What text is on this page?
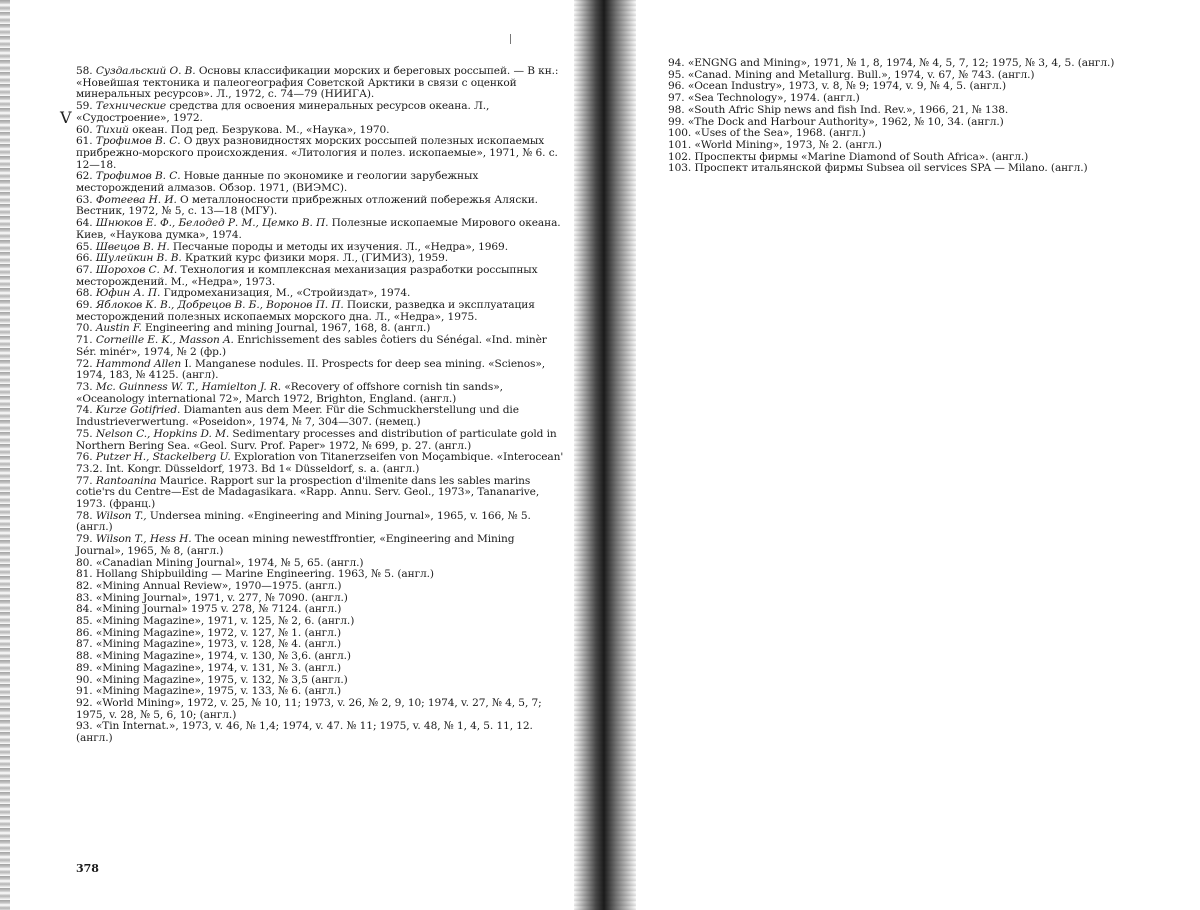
V

58. Суздальский О. В. Основы классификации морских и береговых россыпей. — В кн.: «Новейшая тектоника и палеогеография Советской Арктики в связи с оценкой минеральных ресурсов». Л., 1972, с. 74—79 (НИИГА).

59. Технические средства для освоения минеральных ресурсов океана. Л., «Судостроение», 1972.

60. Тихий океан. Под ред. Безрукова. М., «Наука», 1970.

61. Трофимов В. С. О двух разновидностях морских россыпей полезных ископаемых прибрежно-морского происхождения. «Литология и полез. ископаемые», 1971, № 6. с. 12—18.

62. Трофимов В. С. Новые данные по экономике и геологии зарубежных месторождений алмазов. Обзор. 1971, (ВИЭМС).

63. Фотеева Н. И. О металлоносности прибрежных отложений побережья Аляски. Вестник, 1972, № 5, с. 13—18 (МГУ).

64. Шнюков Е. Ф., Белодед Р. М., Цемко В. П. Полезные ископаемые Мирового океана. Киев, «Наукова думка», 1974.

65. Швецов В. Н. Песчаные породы и методы их изучения. Л., «Недра», 1969.

66. Шулейкин В. В. Краткий курс физики моря. Л., (ГИМИЗ), 1959.

67. Шорохов С. М. Технология и комплексная механизация разработки россыпных месторождений. М., «Недра», 1973.

68. Юфин А. П. Гидромеханизация, М., «Стройиздат», 1974.

69. Яблоков К. В., Добрецов В. Б., Воронов П. П. Поиски, разведка и эксплуатация месторождений полезных ископаемых морского дна. Л., «Недра», 1975.

70. Austin F. Engineering and mining Journal, 1967, 168, 8. (англ.)

71. Corneille E. K., Masson A. Enrichissement des sables ĉotiers du Sénégal. «Ind. minèr Sér. minér», 1974, № 2 (фр.)

72. Hammond Allen I. Manganese nodules. II. Prospects for deep sea mining. «Scienos», 1974, 183, № 4125. (англ).

73. Mc. Guinness W. T., Hamielton J. R. «Recovery of offshore cornish tin sands», «Oceanology international 72», March 1972, Brighton, England. (англ.)

74. Kurze Gotifried. Diamanten aus dem Meer. Für die Schmuckherstellung und die Industrieverwertung. «Poseidon», 1974, № 7, 304—307. (немец.)

75. Nelson C., Hopkins D. M. Sedimentary processes and distribution of particulate gold in Northern Bering Sea. «Geol. Surv. Prof. Paper» 1972, № 699, p. 27. (англ.)

76. Putzer H., Stackelberg U. Exploration von Titanerzseifen von Moçambique. «Interocean' 73.2. Int. Kongr. Düsseldorf, 1973. Bd 1« Düsseldorf, s. a. (англ.)

77. Rantoanina Maurice. Rapport sur la prospection d'ilmenite dans les sables marins cotie'rs du Centre—Est de Madagasikara. «Rapp. Annu. Serv. Geol., 1973», Tananarive, 1973. (франц.)

78. Wilson T., Undersea mining. «Engineering and Mining Journal», 1965, v. 166, № 5. (англ.)

79. Wilson T., Hess H. The ocean mining newestffrontier, «Engineering and Mining Journal», 1965, № 8, (англ.)

80. «Canadian Mining Journal», 1974, № 5, 65. (англ.)

81. Hollang Shipbuilding — Marine Engineering. 1963, № 5. (англ.)

82. «Mining Annual Review», 1970—1975. (англ.)

83. «Mining Journal», 1971, v. 277, № 7090. (англ.)

84. «Mining Journal» 1975 v. 278, № 7124. (англ.)

85. «Mining Magazine», 1971, v. 125, № 2, 6. (англ.)

86. «Mining Magazine», 1972, v. 127, № 1. (англ.)

87. «Mining Magazine», 1973, v. 128, № 4. (англ.)

88. «Mining Magazine», 1974, v. 130, № 3,6. (англ.)

89. «Mining Magazine», 1974, v. 131, № 3. (англ.)

90. «Mining Magazine», 1975, v. 132, № 3,5 (англ.)

91. «Mining Magazine», 1975, v. 133, № 6. (англ.)

92. «World Mining», 1972, v. 25, № 10, 11; 1973, v. 26, № 2, 9, 10; 1974, v. 27, № 4, 5, 7; 1975, v. 28, № 5, 6, 10; (англ.)

93. «Tin Internat.», 1973, v. 46, № 1,4; 1974, v. 47. № 11; 1975, v. 48, № 1, 4, 5. 11, 12. (англ.)

94. «ENGNG and Mining», 1971, № 1, 8, 1974, № 4, 5, 7, 12; 1975, № 3, 4, 5. (англ.)

95. «Canad. Mining and Metallurg. Bull.», 1974, v. 67, № 743. (англ.)

96. «Ocean Industry», 1973, v. 8, № 9; 1974, v. 9, № 4, 5. (англ.)

97. «Sea Technology», 1974. (англ.)

98. «South Afric Ship news and fish Ind. Rev.», 1966, 21, № 138.

99. «The Dock and Harbour Authority», 1962, № 10, 34. (англ.)

100. «Uses of the Sea», 1968. (англ.)

101. «World Mining», 1973, № 2. (англ.)

102. Проспекты фирмы «Marine Diamond of South Africa». (англ.)

103. Проспект итальянской фирмы Subsea oil services SPA — Milano. (англ.)

378
